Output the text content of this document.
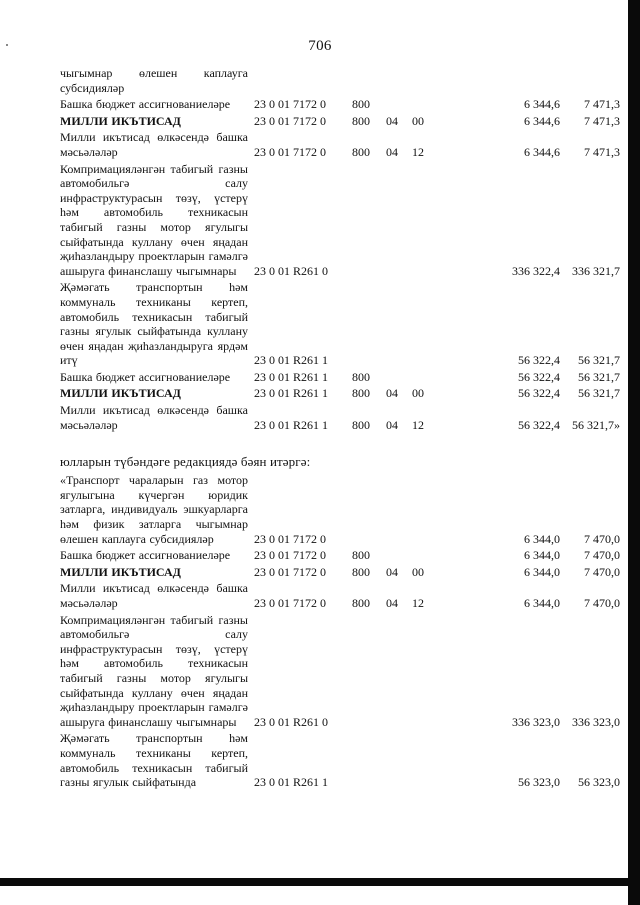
706
чыгымнар өлешен каплауга субсидияләр
Башка бюджет ассигнованиеләре	23 0 01 7172 0	800	6 344,6	7 471,3
МИЛЛИ ИКЪТИСАД	23 0 01 7172 0	800	04	00	6 344,6	7 471,3
Милли икътисад өлкәсендә башка мәсьәләләр	23 0 01 7172 0	800	04	12	6 344,6	7 471,3
Компримацияләнгән табигый газны автомобильгә салу инфраструктурасын төзү, үстерү һәм автомобиль техникасын табигый газны мотор ягулыгы сыйфатында куллану өчен яңадан җиһазландыру проектларын гамәлгә ашыруга финанслашу чыгымнары	23 0 01 R261 0	336 322,4	336 321,7
Җәмәгать транспортын һәм коммуналь техниканы кертеп, автомобиль техникасын табигый газны ягулык сыйфатында куллану өчен яңадан җиһазландыруга ярдәм итү	23 0 01 R261 1	56 322,4	56 321,7
Башка бюджет ассигнованиеләре	23 0 01 R261 1	800	56 322,4	56 321,7
МИЛЛИ ИКЪТИСАД	23 0 01 R261 1	800	04	00	56 322,4	56 321,7
Милли икътисад өлкәсендә башка мәсьәләләр	23 0 01 R261 1	800	04	12	56 322,4	56 321,7»
юлларын түбәндәге редакциядә бәян итәргә:
«Транспорт чараларын газ мотор ягулыгына күчергән юридик затларга, индивидуаль эшкуарларга һәм физик затларга чыгымнар өлешен каплауга субсидияләр	23 0 01 7172 0	6 344,0	7 470,0
Башка бюджет ассигнованиеләре	23 0 01 7172 0	800	6 344,0	7 470,0
МИЛЛИ ИКЪТИСАД	23 0 01 7172 0	800	04	00	6 344,0	7 470,0
Милли икътисад өлкәсендә башка мәсьәләләр	23 0 01 7172 0	800	04	12	6 344,0	7 470,0
Компримацияләнгән табигый газны автомобильгә салу инфраструктурасын төзү, үстерү һәм автомобиль техникасын табигый газны мотор ягулыгы сыйфатында куллану өчен яңадан җиһазландыру проектларын гамәлгә ашыруга финанслашу чыгымнары	23 0 01 R261 0	336 323,0	336 323,0
Җәмәгать транспортын һәм коммуналь техниканы кертеп, автомобиль техникасын табигый газны ягулык сыйфатында	23 0 01 R261 1	56 323,0	56 323,0
